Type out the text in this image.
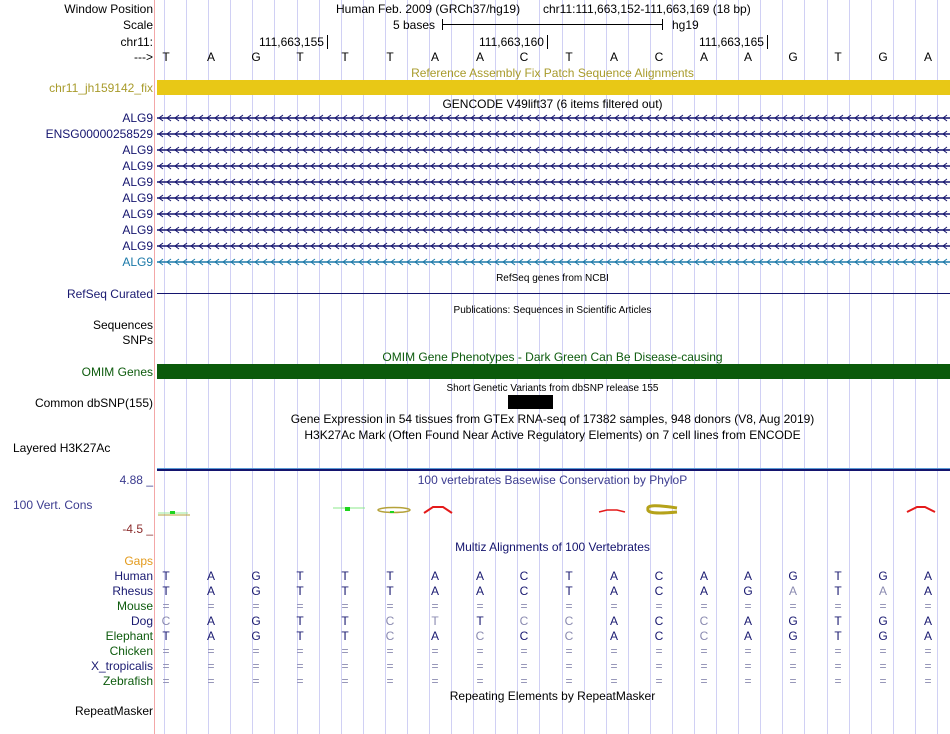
Window Position	Human Feb. 2009 (GRCh37/hg19) chr11:111,663,152-111,663,169 (18 bp)
Scale	5 bases	hg19
chr11:	111,663,155	111,663,160	111,663,165
---> T	A	G	T	T	T	A	A	C	T	A	C	A	A	G	T	G	A
Reference Assembly Fix Patch Sequence Alignments
chr11_jh159142_fix
GENCODE V49lift37 (6 items filtered out)
ALG9
ENSG00000258529
ALG9
ALG9
ALG9
ALG9
ALG9
ALG9
ALG9
ALG9
RefSeq genes from NCBI
RefSeq Curated
Publications: Sequences in Scientific Articles
Sequences
SNPs
OMIM Gene Phenotypes - Dark Green Can Be Disease-causing
OMIM Genes
Short Genetic Variants from dbSNP release 155
Common dbSNP(155)
Gene Expression in 54 tissues from GTEx RNA-seq of 17382 samples, 948 donors (V8, Aug 2019)
H3K27Ac Mark (Often Found Near Active Regulatory Elements) on 7 cell lines from ENCODE
Layered H3K27Ac
100 vertebrates Basewise Conservation by PhyloP
4.88 _
100 Vert. Cons
-4.5 _
Multiz Alignments of 100 Vertebrates
Gaps
Human T	A	G	T	T	T	A	A	C	T	A	C	A	A	G	T	G	A
Rhesus T	A	G	T	T	T	A	A	C	T	A	C	A	G	A	T	A	A
Mouse =	=	=	=	=	=	=	=	=	=	=	=	=	=	=	=	=	=
Dog C	A	G	T	T	C	T	T	C	C	A	C	C	A	G	T	G	A
Elephant T	A	G	T	T	C	A	C	C	C	A	C	C	A	G	T	G	A
Chicken =	=	=	=	=	=	=	=	=	=	=	=	=	=	=	=	=	=
X_tropicalis =	=	=	=	=	=	=	=	=	=	=	=	=	=	=	=	=	=
Zebrafish =	=	=	=	=	=	=	=	=	=	=	=	=	=	=	=	=	=
Repeating Elements by RepeatMasker
RepeatMasker
